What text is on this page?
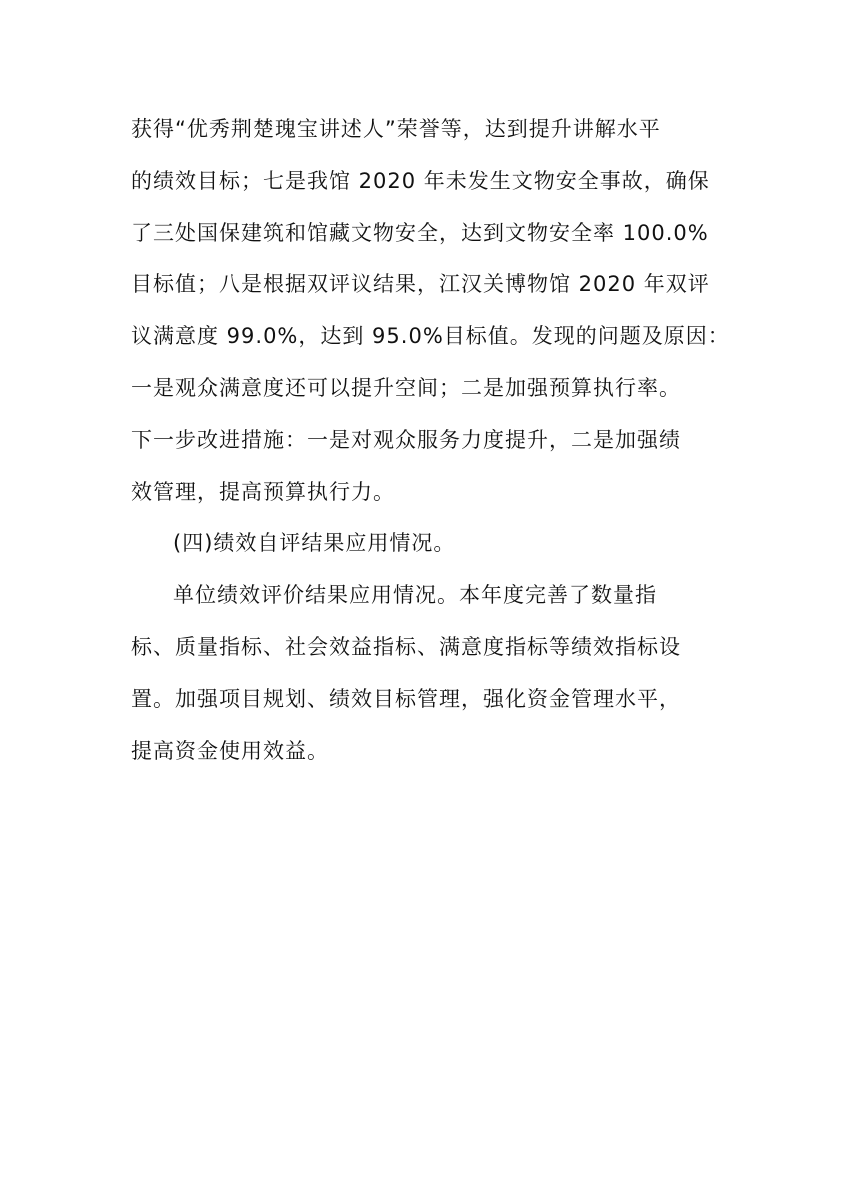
获得“优秀荆楚瑰宝讲述人”荣誉等，达到提升讲解水平
的绩效目标；七是我馆 2020 年未发生文物安全事故，确保
了三处国保建筑和馆藏文物安全，达到文物安全率 100.0%
目标值；八是根据双评议结果，江汉关博物馆 2020 年双评
议满意度 99.0%，达到 95.0%目标值。发现的问题及原因：
一是观众满意度还可以提升空间；二是加强预算执行率。
下一步改进措施：一是对观众服务力度提升，二是加强绩
效管理，提高预算执行力。
(四)绩效自评结果应用情况。
单位绩效评价结果应用情况。本年度完善了数量指
标、质量指标、社会效益指标、满意度指标等绩效指标设
置。加强项目规划、绩效目标管理，强化资金管理水平，
提高资金使用效益。
